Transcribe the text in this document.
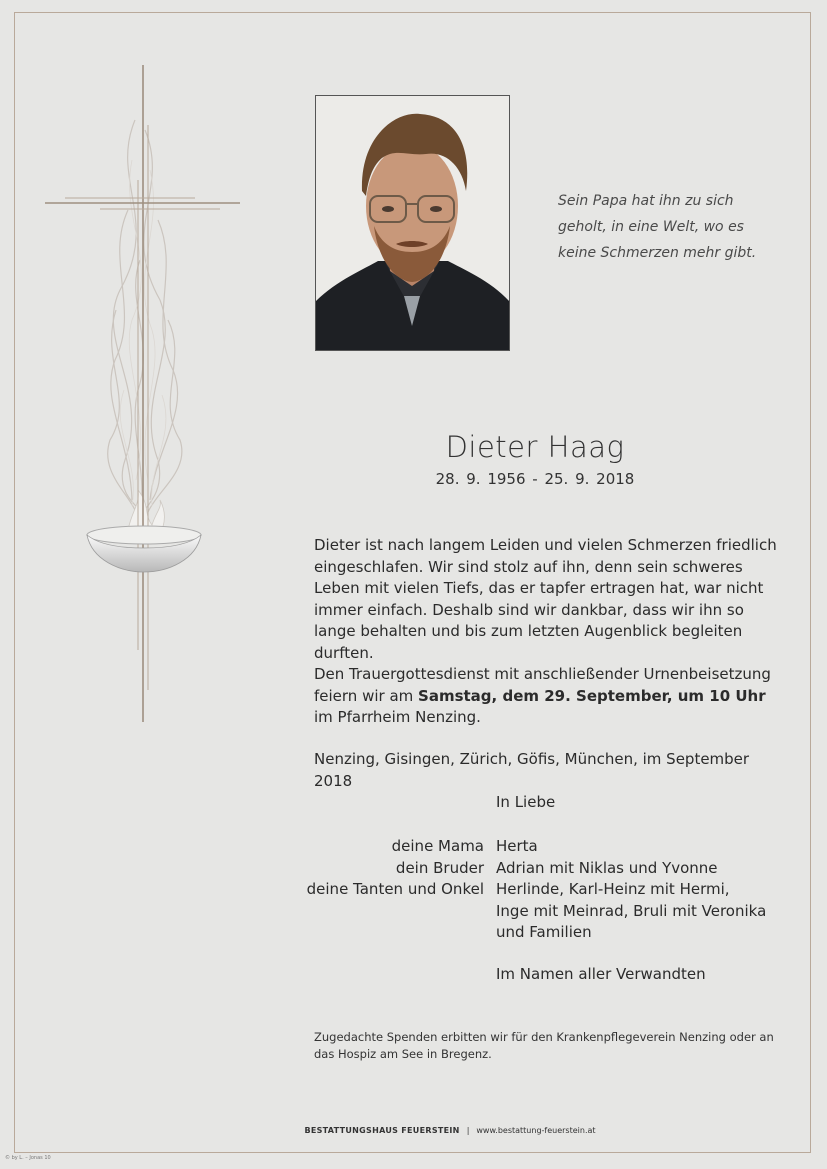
Sein Papa hat ihn zu sich
geholt, in eine Welt, wo es
keine Schmerzen mehr gibt.
Dieter Haag
28. 9. 1956 - 25. 9. 2018
Dieter ist nach langem Leiden und vielen Schmerzen friedlich eingeschlafen. Wir sind stolz auf ihn, denn sein schweres Leben mit vielen Tiefs, das er tapfer ertragen hat, war nicht immer einfach. Deshalb sind wir dankbar, dass wir ihn so lange behalten und bis zum letzten Augenblick begleiten durften.
Den Trauergottesdienst mit anschließender Urnenbeisetzung feiern wir am Samstag, dem 29. September, um 10 Uhr im Pfarrheim Nenzing.
Nenzing, Gisingen, Zürich, Göfis, München, im September 2018
In Liebe
deine Mama Herta
dein Bruder Adrian mit Niklas und Yvonne
deine Tanten und Onkel Herlinde, Karl-Heinz mit Hermi,
Inge mit Meinrad, Bruli mit Veronika
und Familien
Im Namen aller Verwandten
Zugedachte Spenden erbitten wir für den Krankenpflegeverein Nenzing oder an das Hospiz am See in Bregenz.
BESTATTUNGSHAUS FEUERSTEIN | www.bestattung-feuerstein.at
© by L. – Jonas 10
